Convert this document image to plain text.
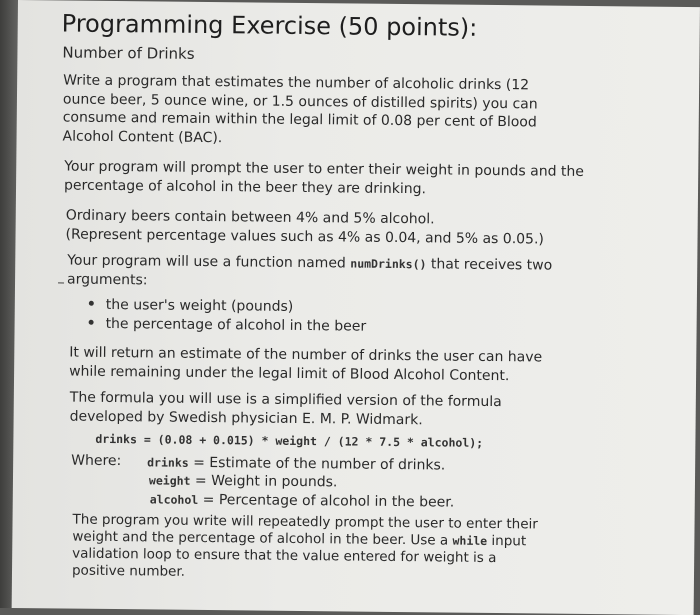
Programming Exercise (50 points):
Number of Drinks
Write a program that estimates the number of alcoholic drinks (12 ounce beer, 5 ounce wine, or 1.5 ounces of distilled spirits) you can consume and remain within the legal limit of 0.08 per cent of Blood Alcohol Content (BAC).
Your program will prompt the user to enter their weight in pounds and the percentage of alcohol in the beer they are drinking.
Ordinary beers contain between 4% and 5% alcohol.
(Represent percentage values such as 4% as 0.04, and 5% as 0.05.)
Your program will use a function named numDrinks() that receives two arguments:
the user's weight (pounds)
the percentage of alcohol in the beer
It will return an estimate of the number of drinks the user can have while remaining under the legal limit of Blood Alcohol Content.
The formula you will use is a simplified version of the formula developed by Swedish physician E. M. P. Widmark.
drinks = (0.08 + 0.015) * weight / (12 * 7.5 * alcohol);
Where: drinks = Estimate of the number of drinks.
weight = Weight in pounds.
alcohol = Percentage of alcohol in the beer.
The program you write will repeatedly prompt the user to enter their weight and the percentage of alcohol in the beer. Use a while input validation loop to ensure that the value entered for weight is a positive number.
